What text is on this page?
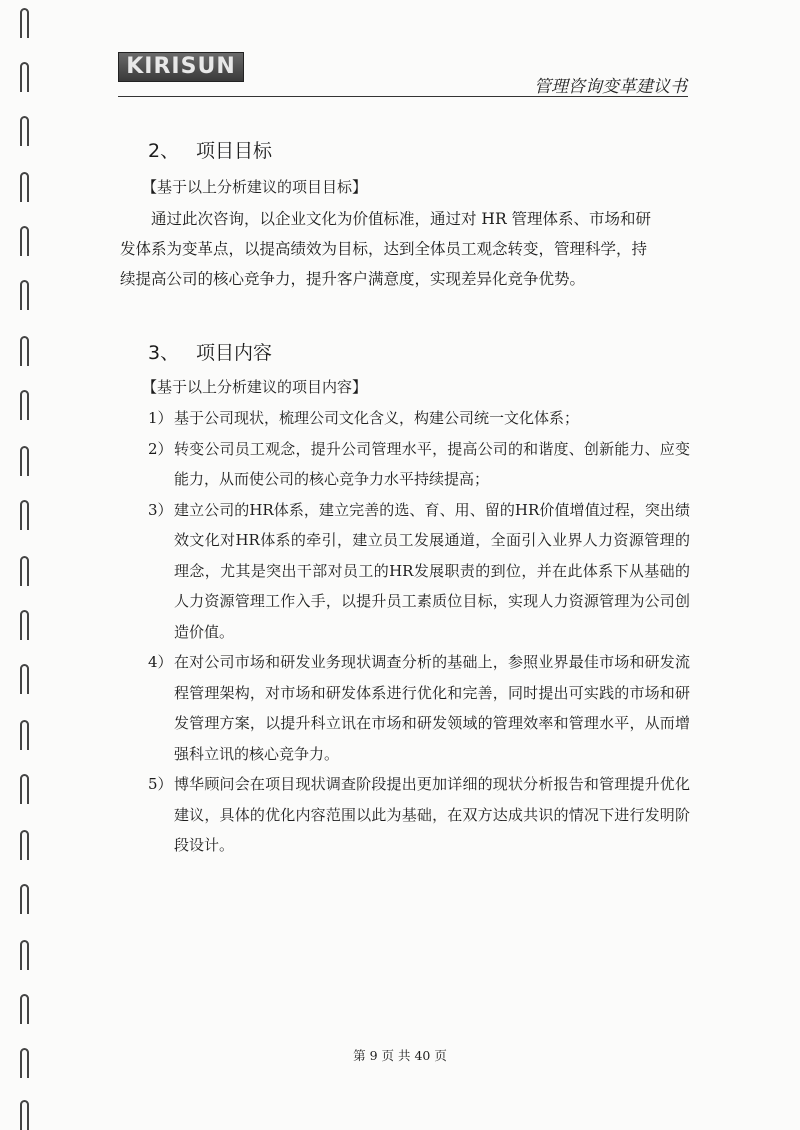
KIRISUN

管理咨询变革建议书

2、 项目目标

【基于以上分析建议的项目目标】

通过此次咨询，以企业文化为价值标准，通过对 HR 管理体系、市场和研
发体系为变革点，以提高绩效为目标，达到全体员工观念转变，管理科学，持
续提高公司的核心竞争力，提升客户满意度，实现差异化竞争优势。
3、 项目内容

【基于以上分析建议的项目内容】

1） 基于公司现状，梳理公司文化含义，构建公司统一文化体系；
2） 转变公司员工观念，提升公司管理水平，提高公司的和谐度、创新能力、应变能力，从而使公司的核心竞争力水平持续提高；
3） 建立公司的HR体系，建立完善的选、育、用、留的HR价值增值过程，突出绩效文化对HR体系的牵引，建立员工发展通道，全面引入业界人力资源管理的理念，尤其是突出干部对员工的HR发展职责的到位，并在此体系下从基础的人力资源管理工作入手，以提升员工素质位目标，实现人力资源管理为公司创造价值。
4） 在对公司市场和研发业务现状调查分析的基础上，参照业界最佳市场和研发流程管理架构，对市场和研发体系进行优化和完善，同时提出可实践的市场和研发管理方案，以提升科立讯在市场和研发领域的管理效率和管理水平，从而增强科立讯的核心竞争力。
5） 博华顾问会在项目现状调查阶段提出更加详细的现状分析报告和管理提升优化建议，具体的优化内容范围以此为基础，在双方达成共识的情况下进行发明阶段设计。

第 9 页 共 40 页
